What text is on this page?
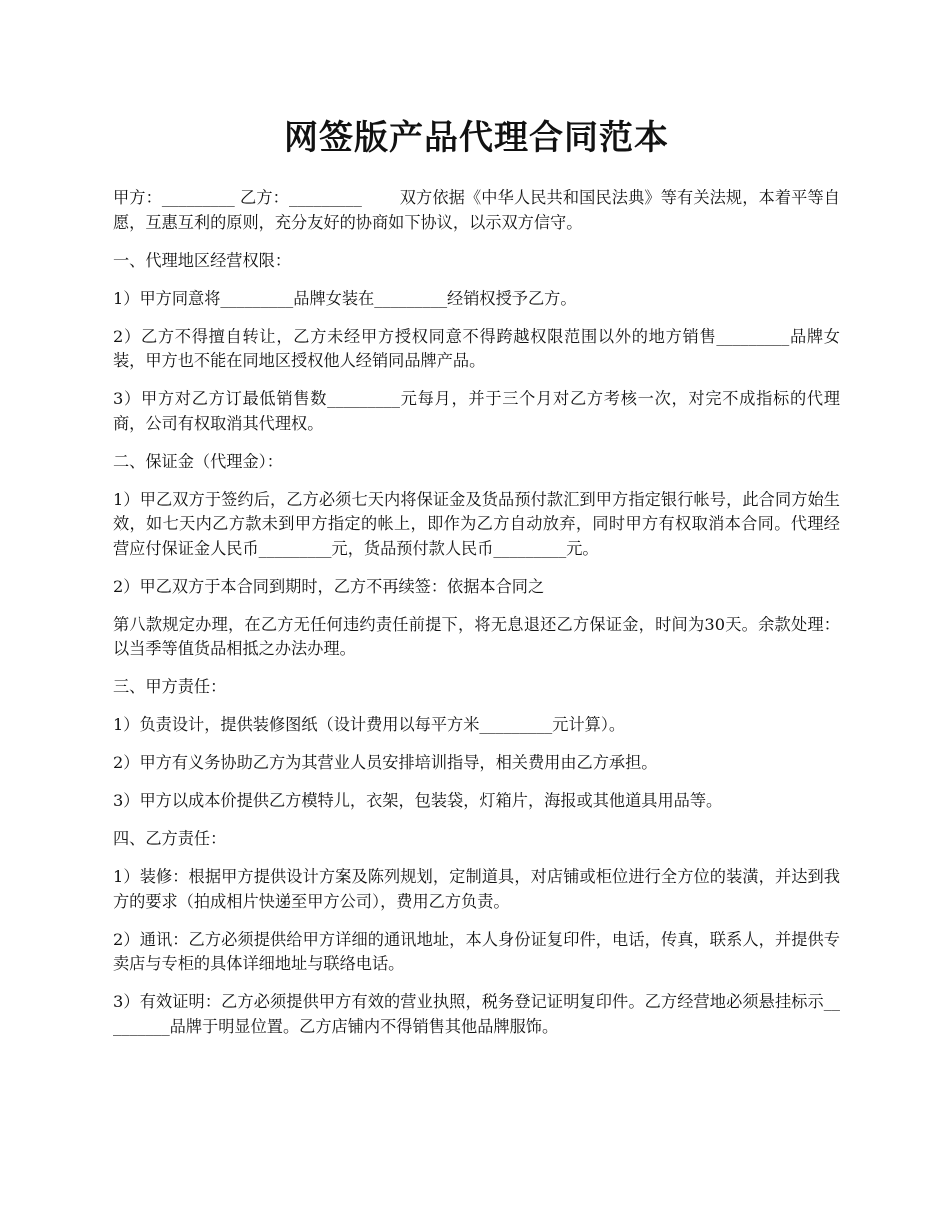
网签版产品代理合同范本

甲方：_________ 乙方：_________ 　　双方依据《中华人民共和国民法典》等有关法规，本着平等自愿，互惠互利的原则，充分友好的协商如下协议，以示双方信守。

一、代理地区经营权限：

1）甲方同意将_________品牌女装在_________经销权授予乙方。

2）乙方不得擅自转让，乙方未经甲方授权同意不得跨越权限范围以外的地方销售_________品牌女装，甲方也不能在同地区授权他人经销同品牌产品。

3）甲方对乙方订最低销售数_________元每月，并于三个月对乙方考核一次，对完不成指标的代理商，公司有权取消其代理权。

二、保证金（代理金）：

1）甲乙双方于签约后，乙方必须七天内将保证金及货品预付款汇到甲方指定银行帐号，此合同方始生效，如七天内乙方款未到甲方指定的帐上，即作为乙方自动放弃，同时甲方有权取消本合同。代理经营应付保证金人民币_________元，货品预付款人民币_________元。

2）甲乙双方于本合同到期时，乙方不再续签：依据本合同之

第八款规定办理，在乙方无任何违约责任前提下，将无息退还乙方保证金，时间为30天。余款处理：以当季等值货品相抵之办法办理。

三、甲方责任：

1）负责设计，提供装修图纸（设计费用以每平方米_________元计算）。

2）甲方有义务协助乙方为其营业人员安排培训指导，相关费用由乙方承担。

3）甲方以成本价提供乙方模特儿，衣架，包装袋，灯箱片，海报或其他道具用品等。

四、乙方责任：

1）装修：根据甲方提供设计方案及陈列规划，定制道具，对店铺或柜位进行全方位的装潢，并达到我方的要求（拍成相片快递至甲方公司），费用乙方负责。

2）通讯：乙方必须提供给甲方详细的通讯地址，本人身份证复印件，电话，传真，联系人，并提供专卖店与专柜的具体详细地址与联络电话。

3）有效证明：乙方必须提供甲方有效的营业执照，税务登记证明复印件。乙方经营地必须悬挂标示_________品牌于明显位置。乙方店铺内不得销售其他品牌服饰。
